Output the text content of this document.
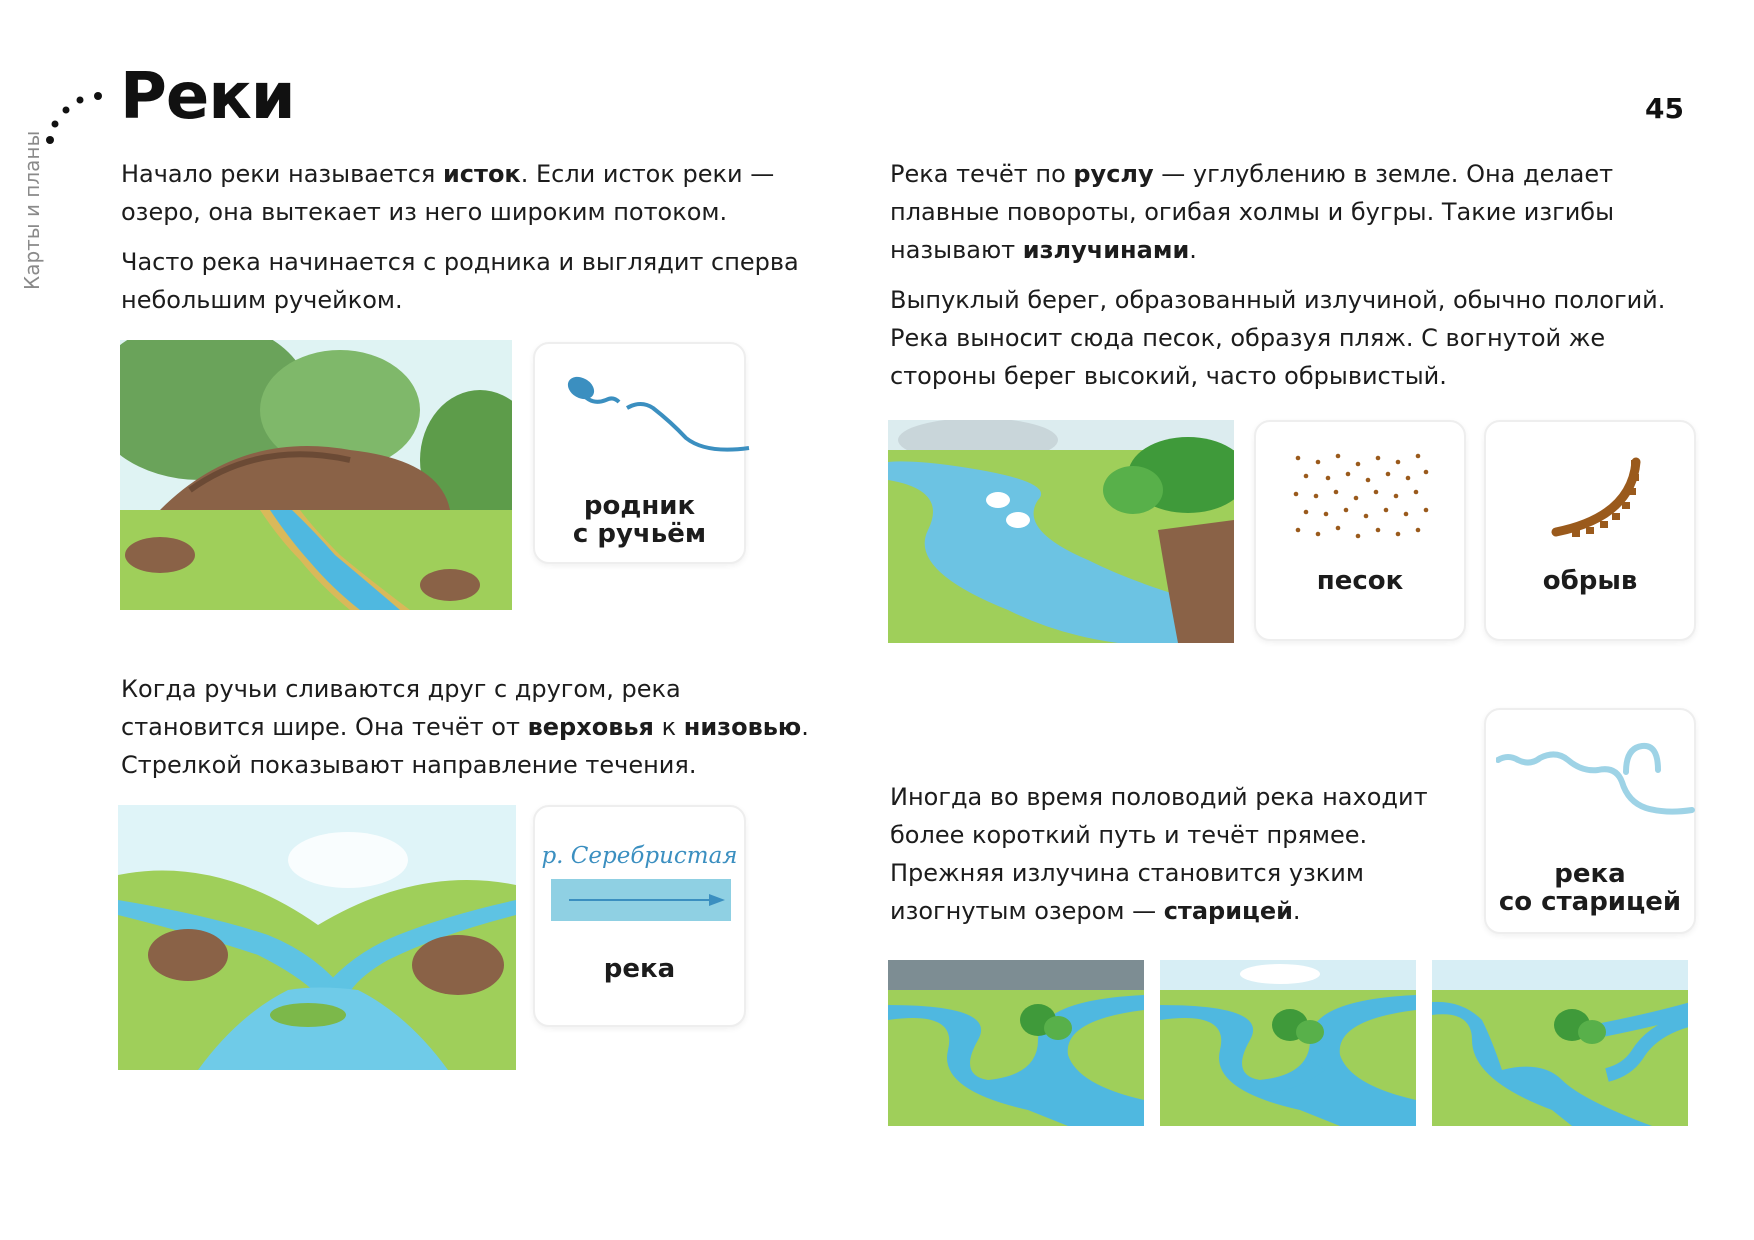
Реки	45
Карты и планы	Начало реки называется исток. Если исток реки — озеро, она вытекает из него широким потоком.

Часто река начинается с родника и выглядит сперва небольшим ручейком.

родник
с ручьём

Когда ручьи сливаются друг с другом, река становится шире. Она течёт от верховья к низовью. Стрелкой показывают направление течения.

р. Серебристая
река

Река течёт по руслу — углублению в земле. Она делает плавные повороты, огибая холмы и бугры. Такие изгибы называют излучинами.

Выпуклый берег, образованный излучиной, обычно пологий. Река выносит сюда песок, образуя пляж. С вогнутой же стороны берег высокий, часто обрывистый.

песок	обрыв
река
со старицей

Иногда во время половодий река находит более короткий путь и течёт прямее. Прежняя излучина становится узким изогнутым озером — старицей.
